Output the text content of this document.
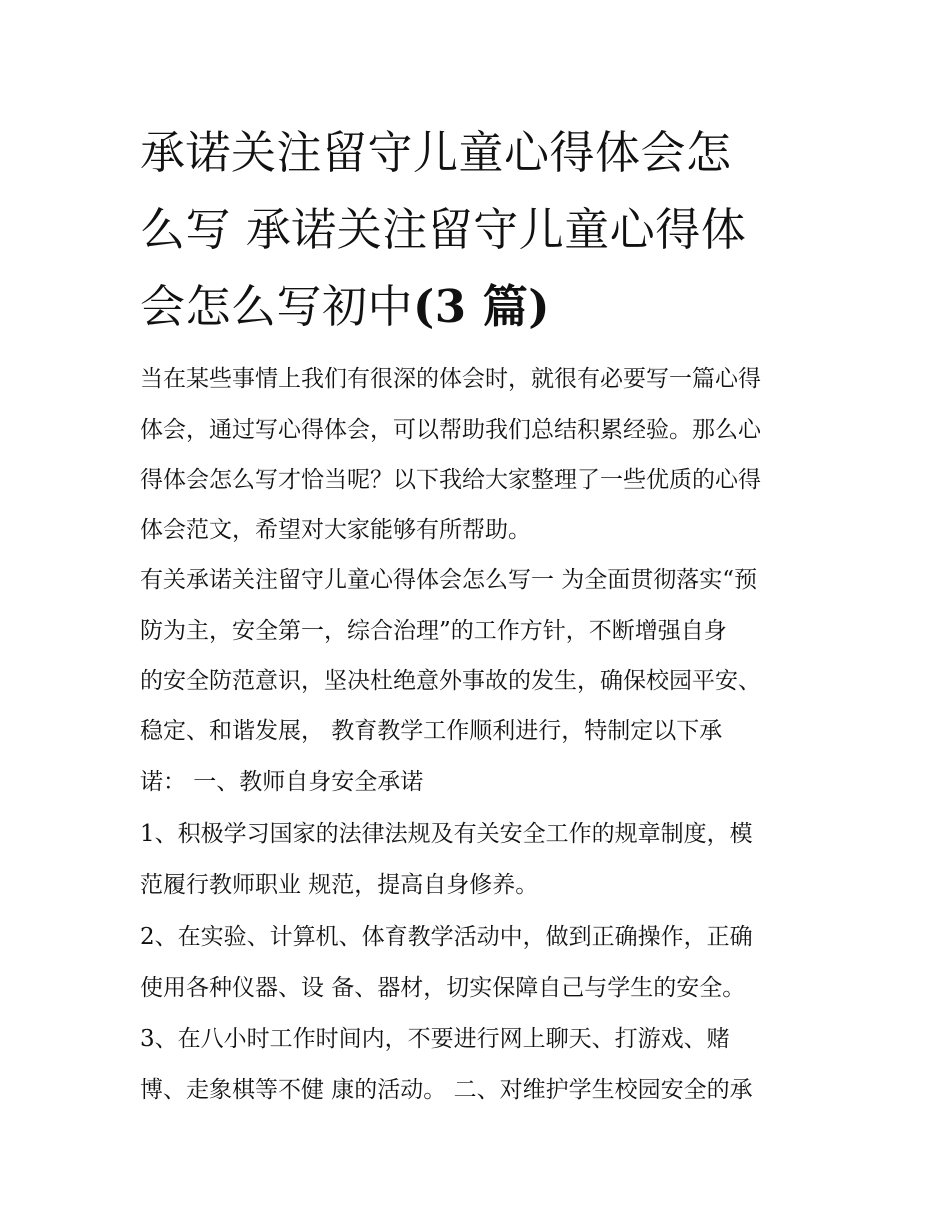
承诺关注留守儿童心得体会怎
么写 承诺关注留守儿童心得体
会怎么写初中(3 篇)

当在某些事情上我们有很深的体会时，就很有必要写一篇心得

体会，通过写心得体会，可以帮助我们总结积累经验。那么心

得体会怎么写才恰当呢？以下我给大家整理了一些优质的心得

体会范文，希望对大家能够有所帮助。

有关承诺关注留守儿童心得体会怎么写一 为全面贯彻落实“预

防为主，安全第一，综合治理”的工作方针，不断增强自身

的安全防范意识，坚决杜绝意外事故的发生，确保校园平安、

稳定、和谐发展， 教育教学工作顺利进行，特制定以下承

诺： 一、教师自身安全承诺

1、积极学习国家的法律法规及有关安全工作的规章制度，模

范履行教师职业 规范，提高自身修养。

2、在实验、计算机、体育教学活动中，做到正确操作，正确

使用各种仪器、设 备、器材，切实保障自己与学生的安全。

3、在八小时工作时间内，不要进行网上聊天、打游戏、赌

博、走象棋等不健 康的活动。 二、对维护学生校园安全的承
